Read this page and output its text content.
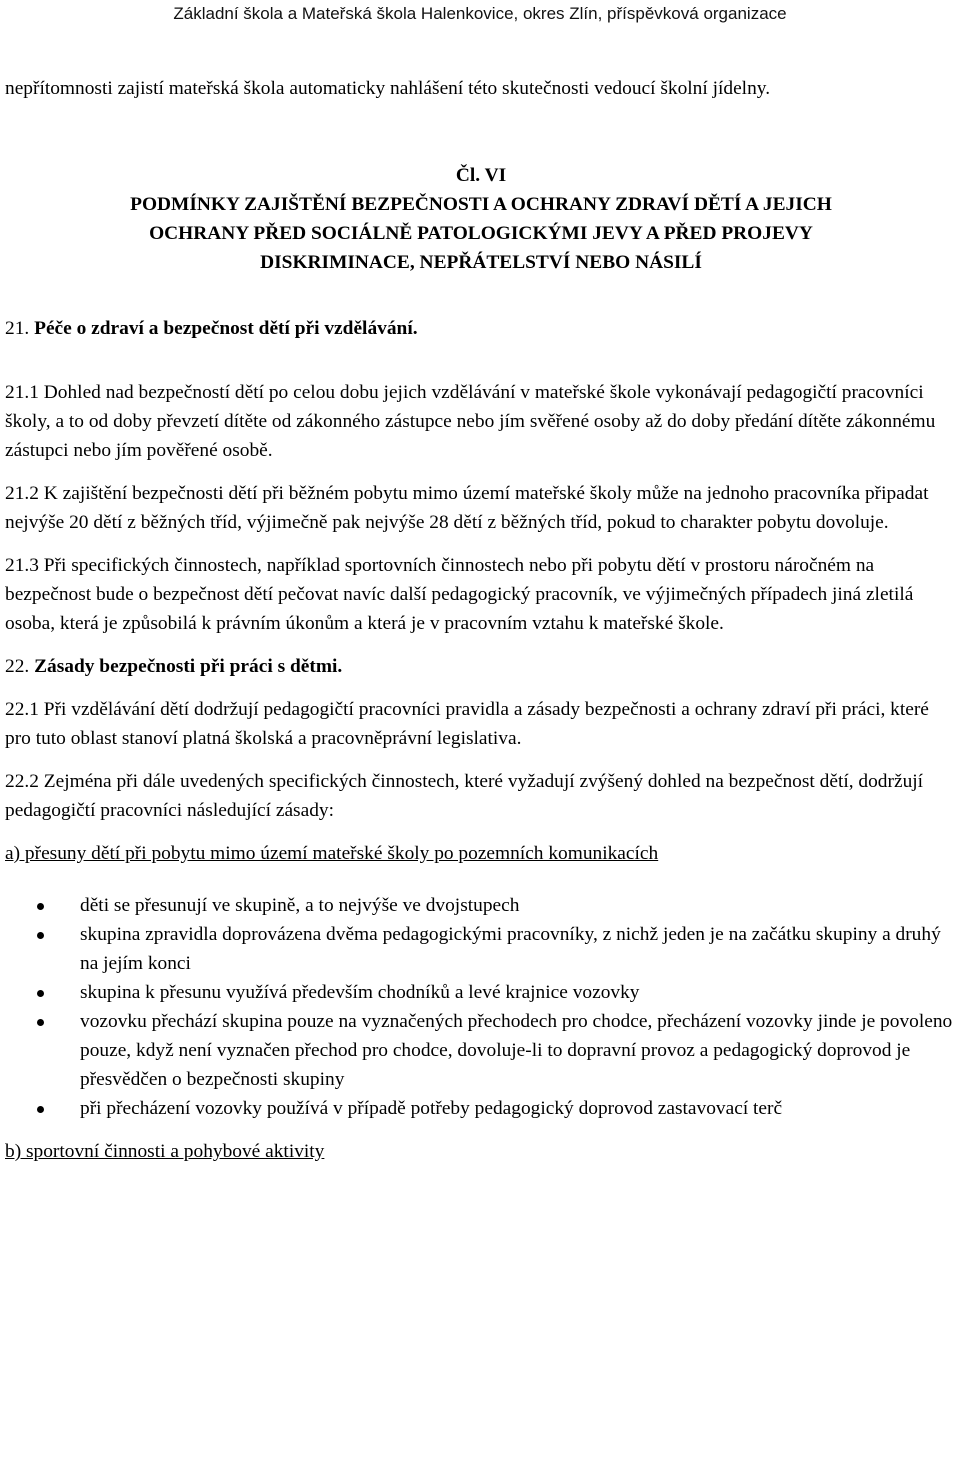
Základní škola a Mateřská škola Halenkovice, okres Zlín, příspěvková organizace

nepřítomnosti zajistí mateřská škola automaticky nahlášení této skutečnosti vedoucí školní jídelny.

Čl. VI

PODMÍNKY ZAJIŠTĚNÍ BEZPEČNOSTI A OCHRANY ZDRAVÍ DĚTÍ A JEJICH

OCHRANY PŘED SOCIÁLNĚ PATOLOGICKÝMI JEVY A PŘED PROJEVY

DISKRIMINACE, NEPŘÁTELSTVÍ NEBO NÁSILÍ

21. Péče o zdraví a bezpečnost dětí při vzdělávání.

21.1 Dohled nad bezpečností dětí po celou dobu jejich vzdělávání v mateřské škole vykonávají pedagogičtí pracovníci školy, a to od doby převzetí dítěte od zákonného zástupce nebo jím svěřené osoby až do doby předání dítěte zákonnému zástupci nebo jím pověřené osobě.

21.2 K zajištění bezpečnosti dětí při běžném pobytu mimo území mateřské školy může na jednoho pracovníka připadat nejvýše 20 dětí z běžných tříd, výjimečně pak nejvýše 28 dětí z běžných tříd, pokud to charakter pobytu dovoluje.

21.3 Při specifických činnostech, například sportovních činnostech nebo při pobytu dětí v prostoru náročném na bezpečnost bude o bezpečnost dětí pečovat navíc další pedagogický pracovník, ve výjimečných případech jiná zletilá osoba, která je způsobilá k právním úkonům a která je v pracovním vztahu k mateřské škole.

22. Zásady bezpečnosti při práci s dětmi.

22.1 Při vzdělávání dětí dodržují pedagogičtí pracovníci pravidla a zásady bezpečnosti a ochrany zdraví při práci, které pro tuto oblast stanoví platná školská a pracovněprávní legislativa.

22.2 Zejména při dále uvedených specifických činnostech, které vyžadují zvýšený dohled na bezpečnost dětí, dodržují pedagogičtí pracovníci následující zásady:

a) přesuny dětí při pobytu mimo území mateřské školy po pozemních komunikacích

děti se přesunují ve skupině, a to nejvýše ve dvojstupech
skupina zpravidla doprovázena dvěma pedagogickými pracovníky, z nichž jeden je na začátku skupiny a druhý na jejím konci
skupina k přesunu využívá především chodníků a levé krajnice vozovky
vozovku přechází skupina pouze na vyznačených přechodech pro chodce, přecházení vozovky jinde je povoleno pouze, když není vyznačen přechod pro chodce, dovoluje-li to dopravní provoz a pedagogický doprovod je přesvědčen o bezpečnosti skupiny
při přecházení vozovky používá v případě potřeby pedagogický doprovod zastavovací terč

b) sportovní činnosti a pohybové aktivity
